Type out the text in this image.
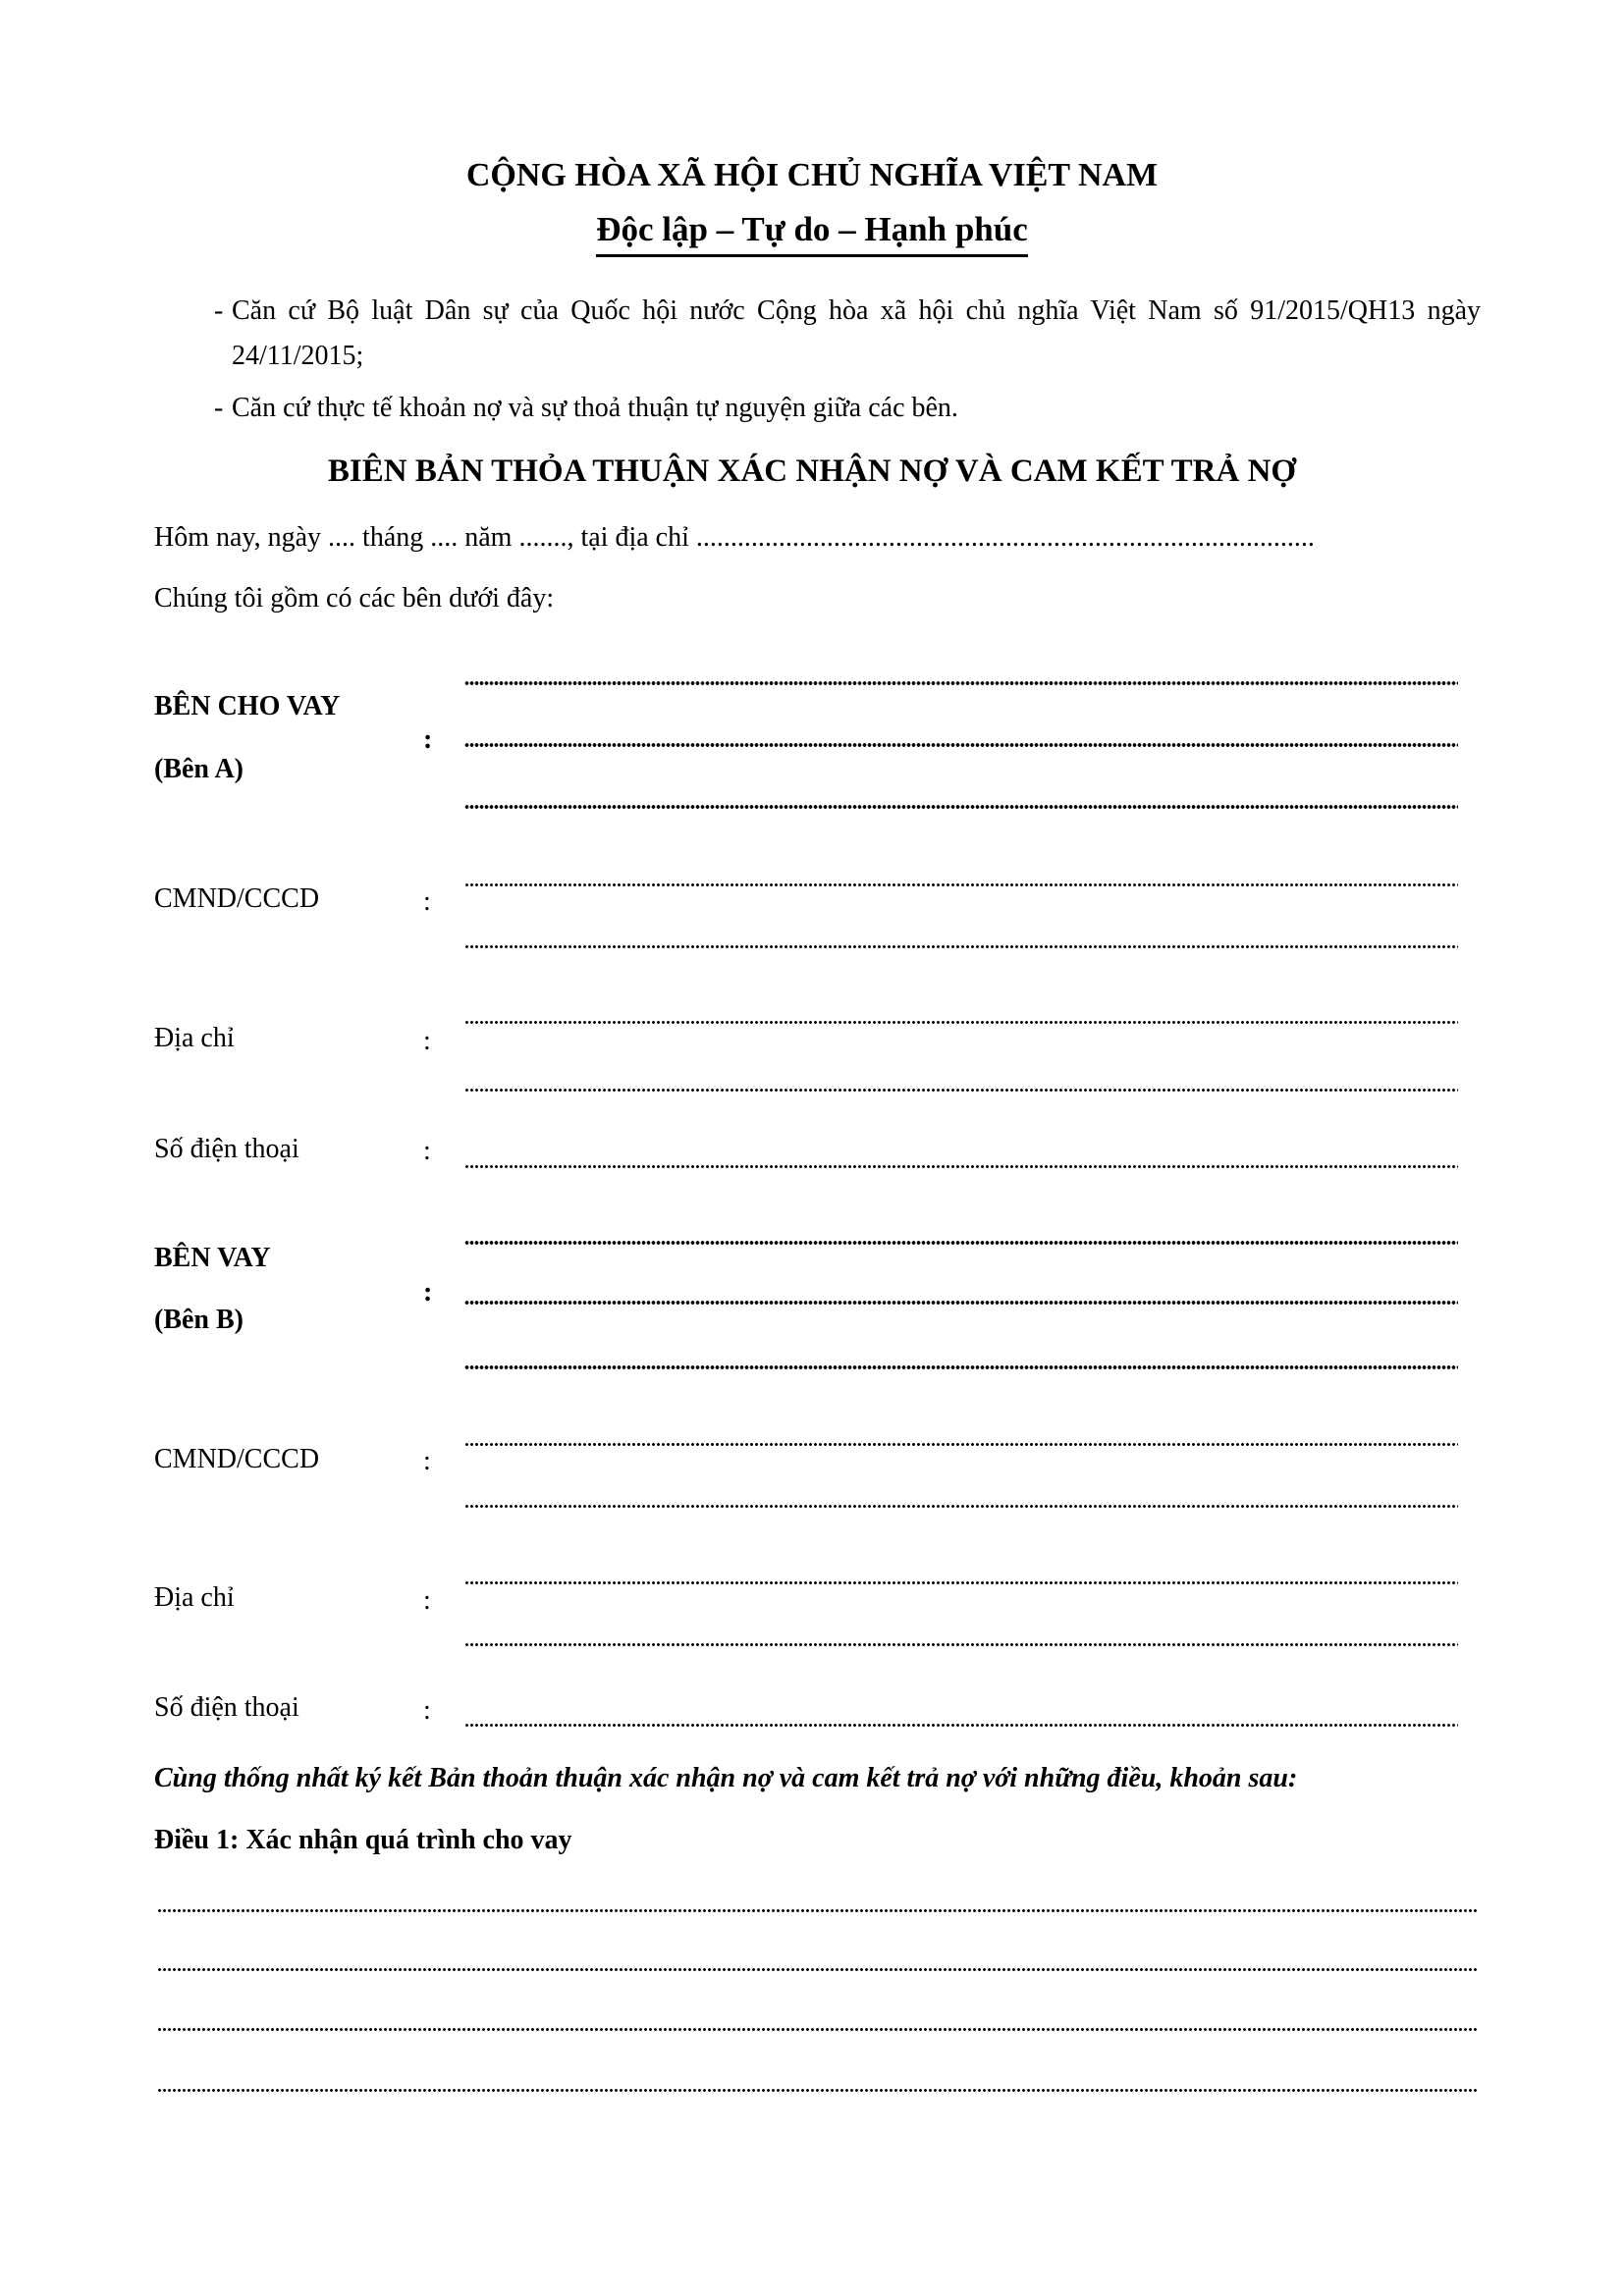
CỘNG HÒA XÃ HỘI CHỦ NGHĨA VIỆT NAM
Độc lập – Tự do – Hạnh phúc
- Căn cứ Bộ luật Dân sự của Quốc hội nước Cộng hòa xã hội chủ nghĩa Việt Nam số 91/2015/QH13 ngày 24/11/2015;
- Căn cứ thực tế khoản nợ và sự thoả thuận tự nguyện giữa các bên.
BIÊN BẢN THỎA THUẬN XÁC NHẬN NỢ VÀ CAM KẾT TRẢ NỢ
Hôm nay, ngày .... tháng .... năm ......., tại địa chỉ ..........................................................................................
Chúng tôi gồm có các bên dưới đây:
BÊN CHO VAY
(Bên A)
:
CMND/CCCD	:
Địa chỉ	:
Số điện thoại	:
BÊN VAY
(Bên B)
:
CMND/CCCD	:
Địa chỉ	:
Số điện thoại	:
Cùng thống nhất ký kết Bản thoản thuận xác nhận nợ và cam kết trả nợ với những điều, khoản sau:
Điều 1: Xác nhận quá trình cho vay
